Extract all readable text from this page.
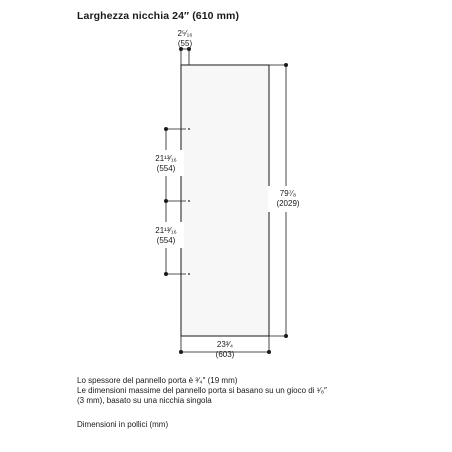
Larghezza nicchia 24″ (610 mm)
2⁵⁄₁₆
(55)
21¹³⁄₁₆
(554)
21¹³⁄₁₆
(554)
79⁷⁄₈
(2029)
23³⁄₄
(603)
Lo spessore del pannello porta è ³⁄₄″ (19 mm)
Le dimensioni massime del pannello porta si basano su un gioco di ¹⁄₈″
(3 mm), basato su una nicchia singola
Dimensioni in pollici (mm)
